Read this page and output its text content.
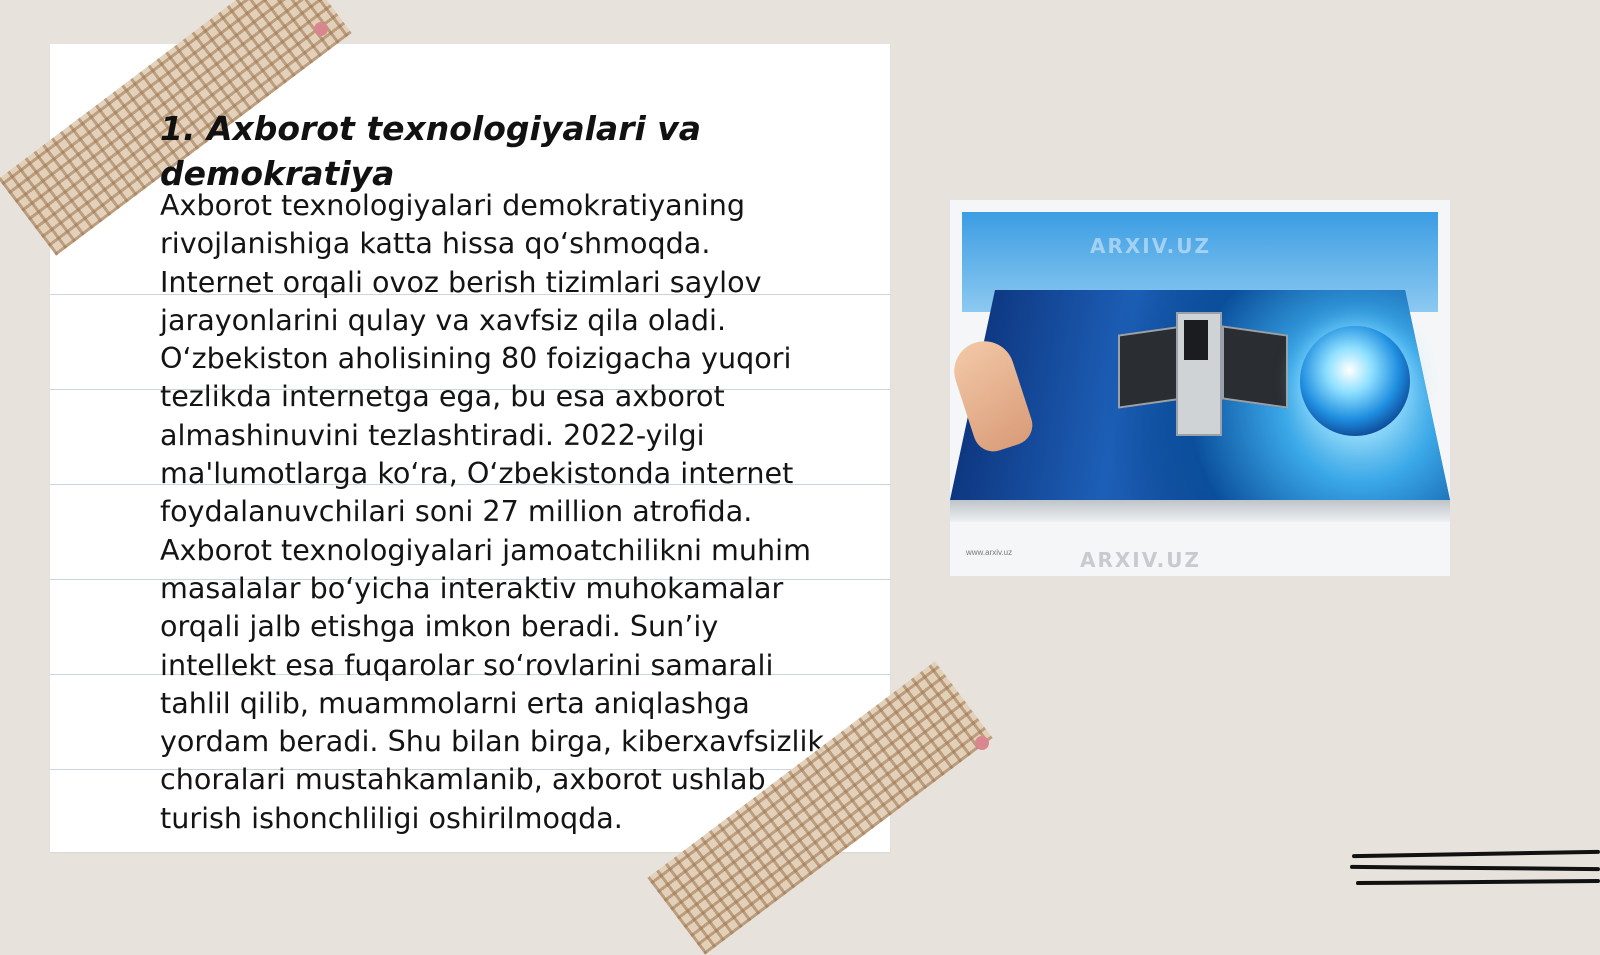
1. Axborot texnologiyalari va demokratiya

Axborot texnologiyalari demokratiyaning rivojlanishiga katta hissa qo‘shmoqda. Internet orqali ovoz berish tizimlari saylov jarayonlarini qulay va xavfsiz qila oladi. O‘zbekiston aholisining 80 foizigacha yuqori tezlikda internetga ega, bu esa axborot almashinuvini tezlashtiradi. 2022-yilgi ma'lumotlarga ko‘ra, O‘zbekistonda internet foydalanuvchilari soni 27 million atrofida. Axborot texnologiyalari jamoatchilikni muhim masalalar bo‘yicha interaktiv muhokamalar orqali jalb etishga imkon beradi. Sun’iy intellekt esa fuqarolar so‘rovlarini samarali tahlil qilib, muammolarni erta aniqlashga yordam beradi. Shu bilan birga, kiberxavfsizlik choralari mustahkamlanib, axborot ushlab turish ishonchliligi oshirilmoqda.

ARXIV.UZ
www.arxiv.uz	ARXIV.UZ
